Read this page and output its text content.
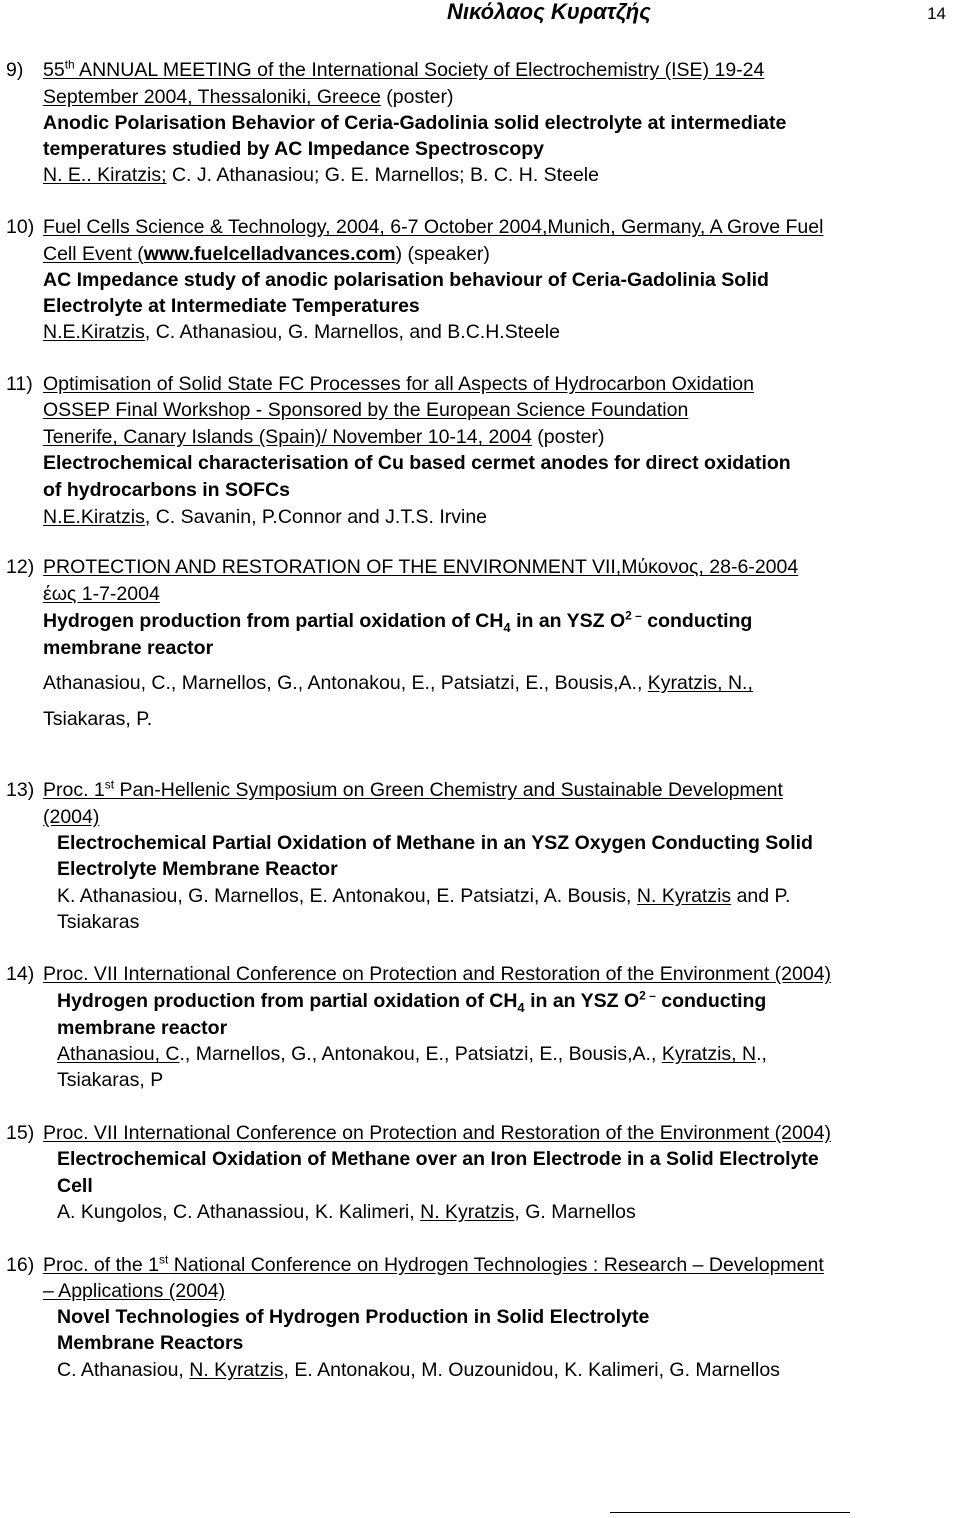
Νικόλαος Κυρατζής	14
9) 55th ANNUAL MEETING of the International Society of Electrochemistry (ISE) 19-24
September 2004, Thessaloniki, Greece (poster)
Anodic Polarisation Behavior of Ceria-Gadolinia solid electrolyte at intermediate
temperatures studied by AC Impedance Spectroscopy
N. E.. Kiratzis; C. J. Athanasiou; G. E. Marnellos; B. C. H. Steele
10) Fuel Cells Science & Technology, 2004, 6-7 October 2004,Munich, Germany, A Grove Fuel
Cell Event (www.fuelcelladvances.com) (speaker)
AC Impedance study of anodic polarisation behaviour of Ceria-Gadolinia Solid
Electrolyte at Intermediate Temperatures
N.E.Kiratzis, C. Athanasiou, G. Marnellos, and B.C.H.Steele
11) Optimisation of Solid State FC Processes for all Aspects of Hydrocarbon Oxidation
OSSEP Final Workshop - Sponsored by the European Science Foundation
Tenerife, Canary Islands (Spain)/ November 10-14, 2004 (poster)
Electrochemical characterisation of Cu based cermet anodes for direct oxidation
of hydrocarbons in SOFCs
N.E.Kiratzis, C. Savanin, P.Connor and J.T.S. Irvine
12) PROTECTION AND RESTORATION OF THE ENVIRONMENT VII,Μύκονος, 28-6-2004
έως 1-7-2004
Hydrogen production from partial oxidation of $CH_4$ in an YSZ $O^{2 -}$ conducting
membrane reactor
Athanasiou, C., Marnellos, G., Antonakou, E., Patsiatzi, E., Bousis,A., Kyratzis, N.,
Tsiakaras, P.
13) Proc. 1st Pan-Hellenic Symposium on Green Chemistry and Sustainable Development
(2004)
Electrochemical Partial Oxidation of Methane in an YSZ Oxygen Conducting Solid
Electrolyte Membrane Reactor
K. Athanasiou, G. Marnellos, E. Antonakou, E. Patsiatzi, A. Bousis, N. Kyratzis and P.
Tsiakaras
14) Proc. VII International Conference on Protection and Restoration of the Environment (2004)
Hydrogen production from partial oxidation of $CH_4$ in an YSZ $O^{2 -}$ conducting
membrane reactor
Athanasiou, C., Marnellos, G., Antonakou, E., Patsiatzi, E., Bousis,A., Kyratzis, N.,
Tsiakaras, P
15) Proc. VII International Conference on Protection and Restoration of the Environment (2004)
Electrochemical Oxidation of Methane over an Iron Electrode in a Solid Electrolyte
Cell
A. Kungolos, C. Athanassiou, K. Kalimeri, N. Kyratzis, G. Marnellos
16) Proc. of the 1st National Conference on Hydrogen Technologies : Research – Development
– Applications (2004)
Novel Technologies of Hydrogen Production in Solid Electrolyte
Membrane Reactors
C. Athanasiou, N. Kyratzis, E. Antonakou, M. Ouzounidou, K. Kalimeri, G. Marnellos
